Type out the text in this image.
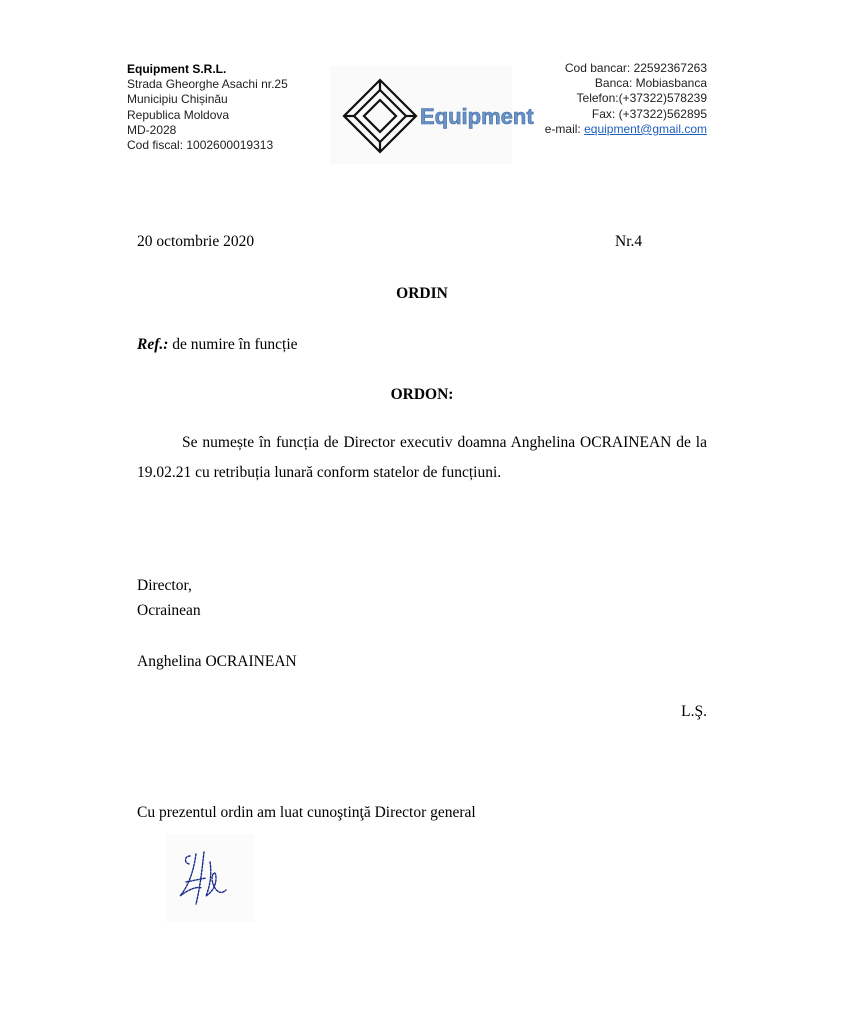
Equipment S.R.L.
Strada Gheorghe Asachi nr.25
Municipiu Chișinău
Republica Moldova
MD-2028
Cod fiscal: 1002600019313
Equipment
Cod bancar: 22592367263
Banca: Mobiasbanca
Telefon:(+37322)578239
Fax: (+37322)562895
e-mail: equipment@gmail.com
20 octombrie 2020	Nr.4
ORDIN
Ref.: de numire în funcție
ORDON:
Se numește în funcția de Director executiv doamna Anghelina OCRAINEAN de la 19.02.21 cu retribuția lunară conform statelor de funcțiuni.
Director,
Ocrainean
Anghelina OCRAINEAN
L.Ş.
Cu prezentul ordin am luat cunoştinţă Director general
